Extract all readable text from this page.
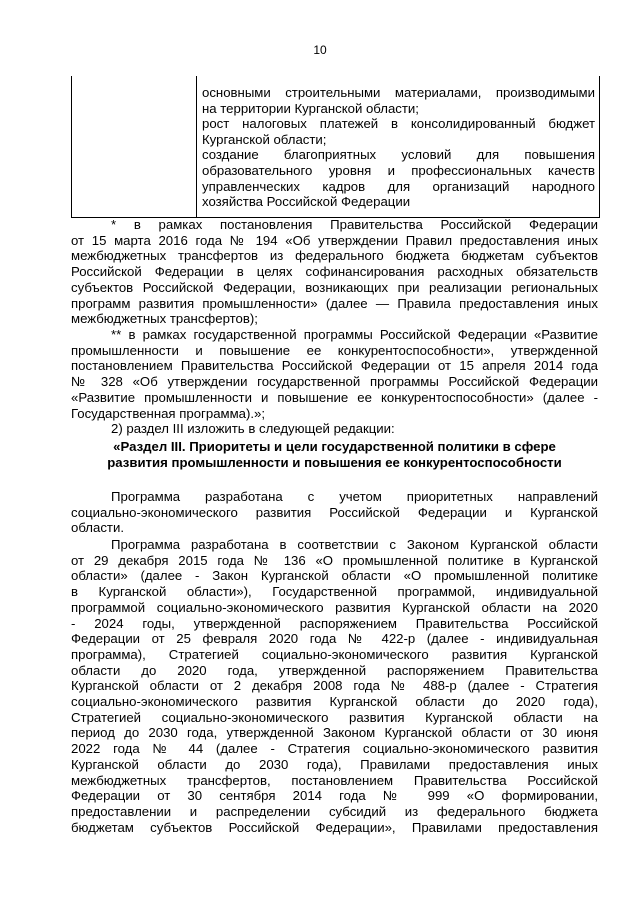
10

основными строительными материалами, производимыми

на территории Курганской области;

рост налоговых платежей в консолидированный бюджет

Курганской области;

создание благоприятных условий для повышения

образовательного уровня и профессиональных качеств

управленческих кадров для организаций народного

хозяйства Российской Федерации

* в рамках постановления Правительства Российской Федерации
от 15 марта 2016 года № 194 «Об утверждении Правил предоставления иных
межбюджетных трансфертов из федерального бюджета бюджетам субъектов
Российской Федерации в целях софинансирования расходных обязательств
субъектов Российской Федерации, возникающих при реализации региональных
программ развития промышленности» (далее — Правила предоставления иных
межбюджетных трансфертов);
** в рамках государственной программы Российской Федерации «Развитие
промышленности и повышение ее конкурентоспособности», утвержденной
постановлением Правительства Российской Федерации от 15 апреля 2014 года
№ 328 «Об утверждении государственной программы Российской Федерации
«Развитие промышленности и повышение ее конкурентоспособности» (далее -
Государственная программа).»;
2) раздел III изложить в следующей редакции:
«Раздел III. Приоритеты и цели государственной политики в сфере
развития промышленности и повышения ее конкурентоспособности
Программа разработана с учетом приоритетных направлений
социально-экономического развития Российской Федерации и Курганской
области.
Программа разработана в соответствии с Законом Курганской области
от 29 декабря 2015 года № 136 «О промышленной политике в Курганской
области» (далее - Закон Курганской области «О промышленной политике
в Курганской области»), Государственной программой, индивидуальной
программой социально-экономического развития Курганской области на 2020
- 2024 годы, утвержденной распоряжением Правительства Российской
Федерации от 25 февраля 2020 года № 422-р (далее - индивидуальная
программа), Стратегией социально-экономического развития Курганской
области до 2020 года, утвержденной распоряжением Правительства
Курганской области от 2 декабря 2008 года № 488-р (далее - Стратегия
социально-экономического развития Курганской области до 2020 года),
Стратегией социально-экономического развития Курганской области на
период до 2030 года, утвержденной Законом Курганской области от 30 июня
2022 года № 44 (далее - Стратегия социально-экономического развития
Курганской области до 2030 года), Правилами предоставления иных
межбюджетных трансфертов, постановлением Правительства Российской
Федерации от 30 сентября 2014 года № 999 «О формировании,
предоставлении и распределении субсидий из федерального бюджета
бюджетам субъектов Российской Федерации», Правилами предоставления
